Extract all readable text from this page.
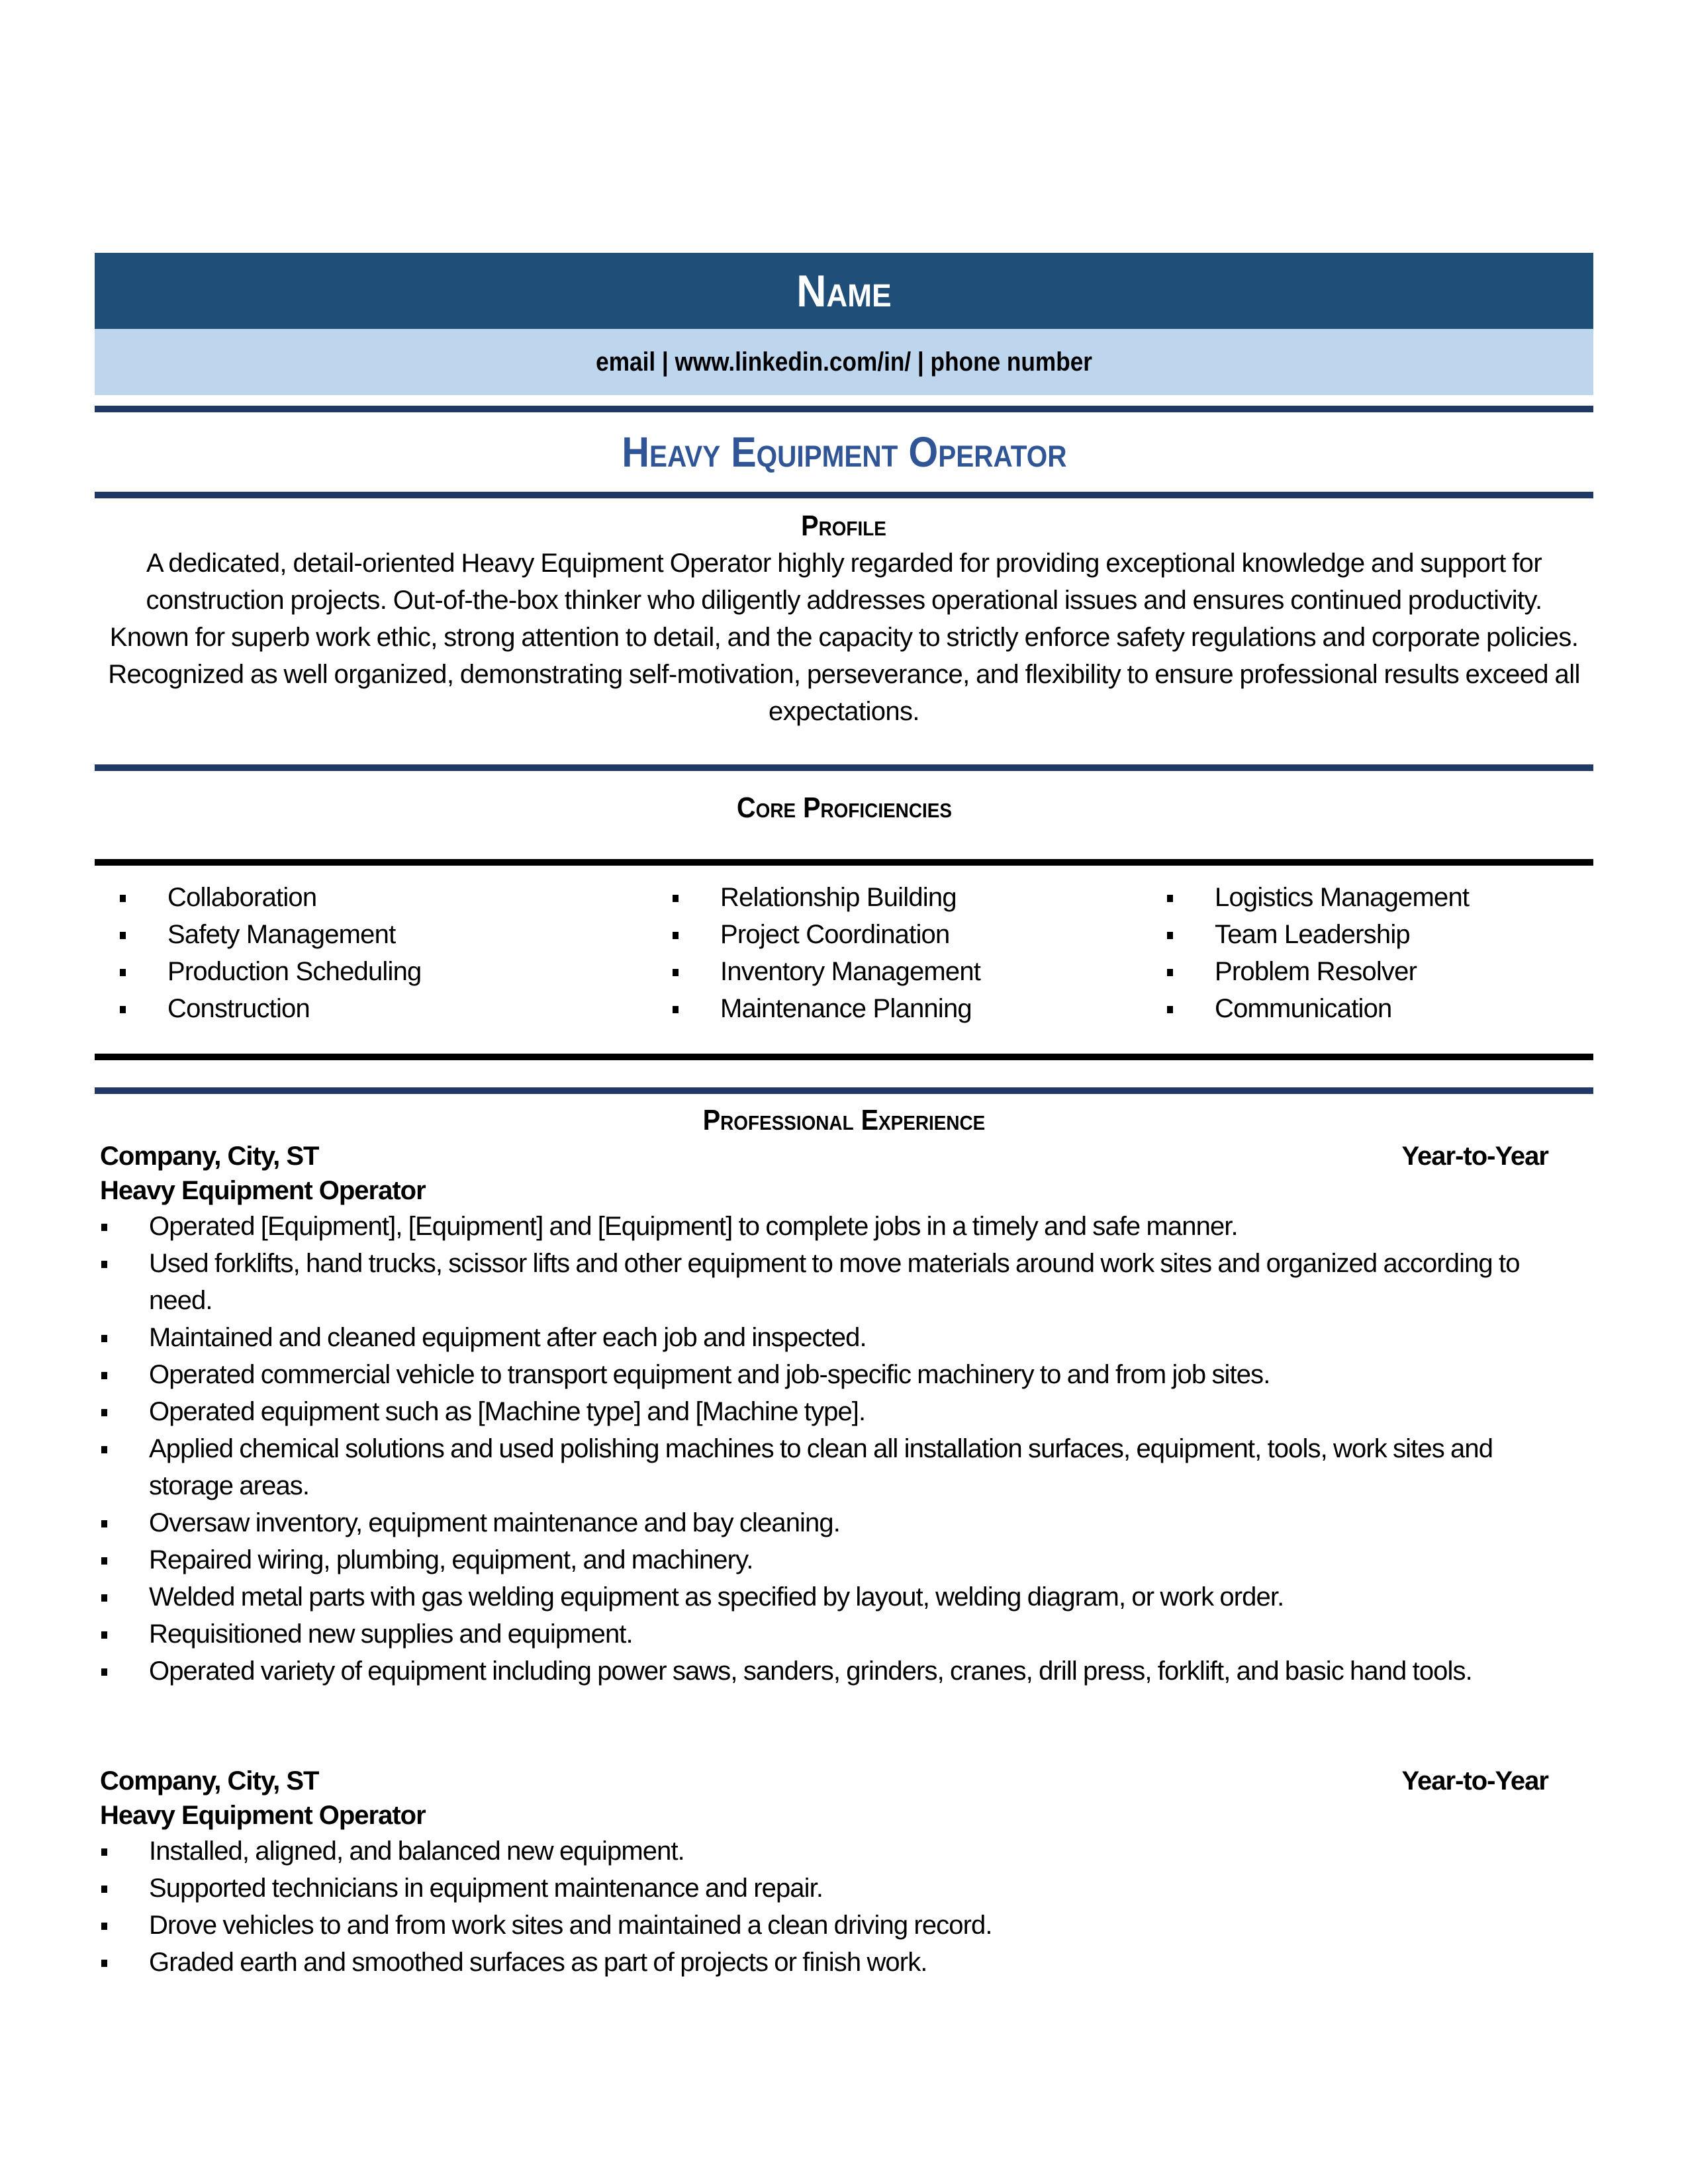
Name
email | www.linkedin.com/in/ | phone number
Heavy Equipment Operator
Profile
A dedicated, detail-oriented Heavy Equipment Operator highly regarded for providing exceptional knowledge and support for construction projects. Out-of-the-box thinker who diligently addresses operational issues and ensures continued productivity. Known for superb work ethic, strong attention to detail, and the capacity to strictly enforce safety regulations and corporate policies. Recognized as well organized, demonstrating self-motivation, perseverance, and flexibility to ensure professional results exceed all expectations.
Core Proficiencies
Collaboration
Safety Management
Production Scheduling
Construction
Relationship Building
Project Coordination
Inventory Management
Maintenance Planning
Logistics Management
Team Leadership
Problem Resolver
Communication
Professional Experience
Company, City, ST	Year-to-Year
Heavy Equipment Operator
Operated [Equipment], [Equipment] and [Equipment] to complete jobs in a timely and safe manner.
Used forklifts, hand trucks, scissor lifts and other equipment to move materials around work sites and organized according to need.
Maintained and cleaned equipment after each job and inspected.
Operated commercial vehicle to transport equipment and job-specific machinery to and from job sites.
Operated equipment such as [Machine type] and [Machine type].
Applied chemical solutions and used polishing machines to clean all installation surfaces, equipment, tools, work sites and storage areas.
Oversaw inventory, equipment maintenance and bay cleaning.
Repaired wiring, plumbing, equipment, and machinery.
Welded metal parts with gas welding equipment as specified by layout, welding diagram, or work order.
Requisitioned new supplies and equipment.
Operated variety of equipment including power saws, sanders, grinders, cranes, drill press, forklift, and basic hand tools.
Company, City, ST	Year-to-Year
Heavy Equipment Operator
Installed, aligned, and balanced new equipment.
Supported technicians in equipment maintenance and repair.
Drove vehicles to and from work sites and maintained a clean driving record.
Graded earth and smoothed surfaces as part of projects or finish work.
